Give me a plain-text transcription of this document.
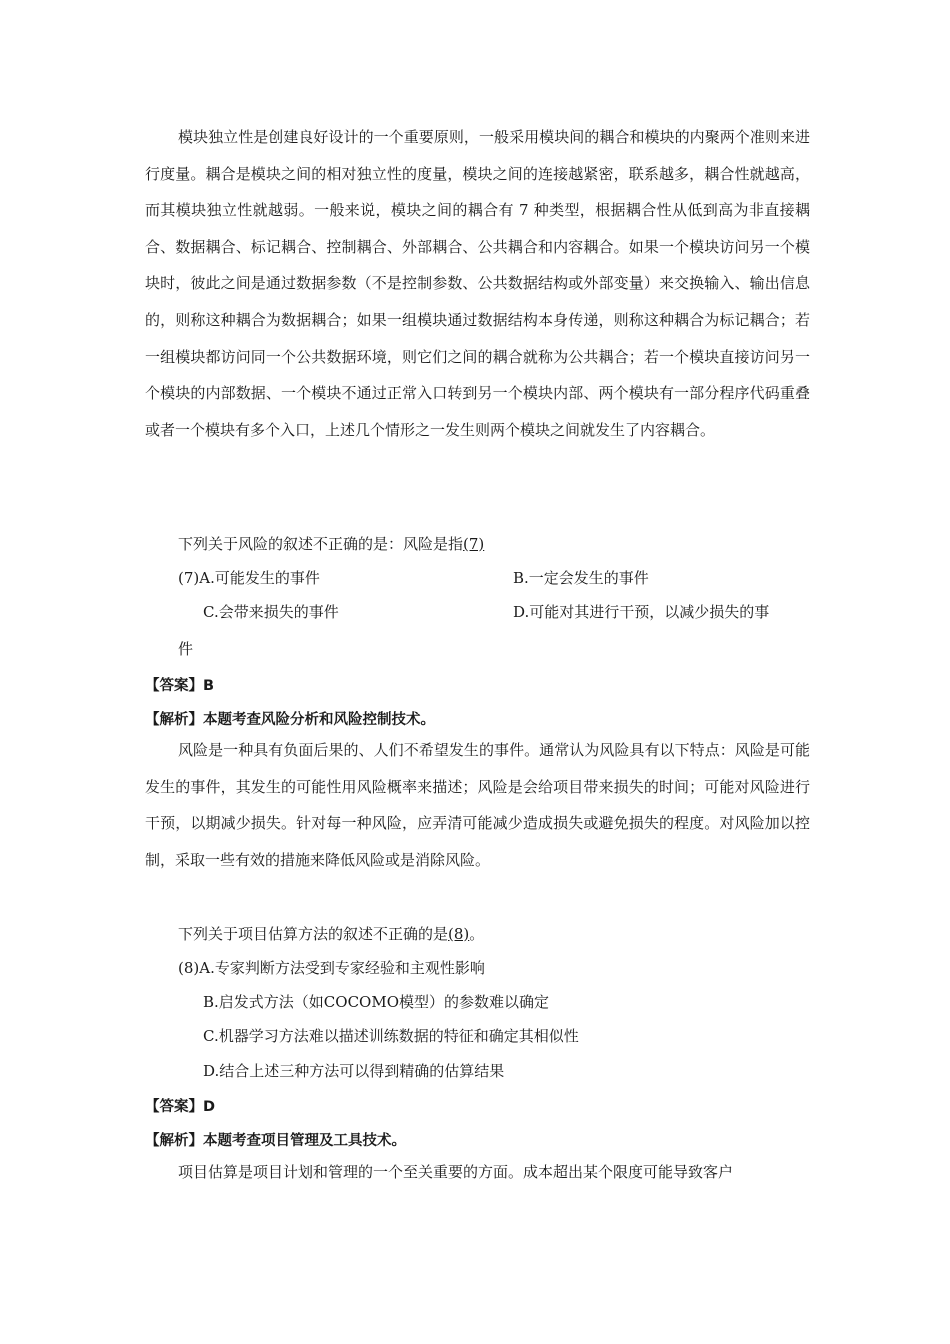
模块独立性是创建良好设计的一个重要原则，一般采用模块间的耦合和模块的内聚两个准则来进行度量。耦合是模块之间的相对独立性的度量，模块之间的连接越紧密，联系越多，耦合性就越高，而其模块独立性就越弱。一般来说，模块之间的耦合有 7 种类型，根据耦合性从低到高为非直接耦合、数据耦合、标记耦合、控制耦合、外部耦合、公共耦合和内容耦合。如果一个模块访问另一个模块时，彼此之间是通过数据参数（不是控制参数、公共数据结构或外部变量）来交换输入、输出信息的，则称这种耦合为数据耦合；如果一组模块通过数据结构本身传递，则称这种耦合为标记耦合；若一组模块都访问同一个公共数据环境，则它们之间的耦合就称为公共耦合；若一个模块直接访问另一个模块的内部数据、一个模块不通过正常入口转到另一个模块内部、两个模块有一部分程序代码重叠或者一个模块有多个入口，上述几个情形之一发生则两个模块之间就发生了内容耦合。

下列关于风险的叙述不正确的是：风险是指(7)
(7)A.可能发生的事件	B.一定会发生的事件
C.会带来损失的事件	D.可能对其进行干预，以减少损失的事
件
【答案】B
【解析】本题考查风险分析和风险控制技术。

风险是一种具有负面后果的、人们不希望发生的事件。通常认为风险具有以下特点：风险是可能发生的事件，其发生的可能性用风险概率来描述；风险是会给项目带来损失的时间；可能对风险进行干预，以期减少损失。针对每一种风险，应弄清可能减少造成损失或避免损失的程度。对风险加以控制，采取一些有效的措施来降低风险或是消除风险。

下列关于项目估算方法的叙述不正确的是(8)。
(8)A.专家判断方法受到专家经验和主观性影响
B.启发式方法（如COCOMO模型）的参数难以确定
C.机器学习方法难以描述训练数据的特征和确定其相似性
D.结合上述三种方法可以得到精确的估算结果
【答案】D
【解析】本题考查项目管理及工具技术。

项目估算是项目计划和管理的一个至关重要的方面。成本超出某个限度可能导致客户
